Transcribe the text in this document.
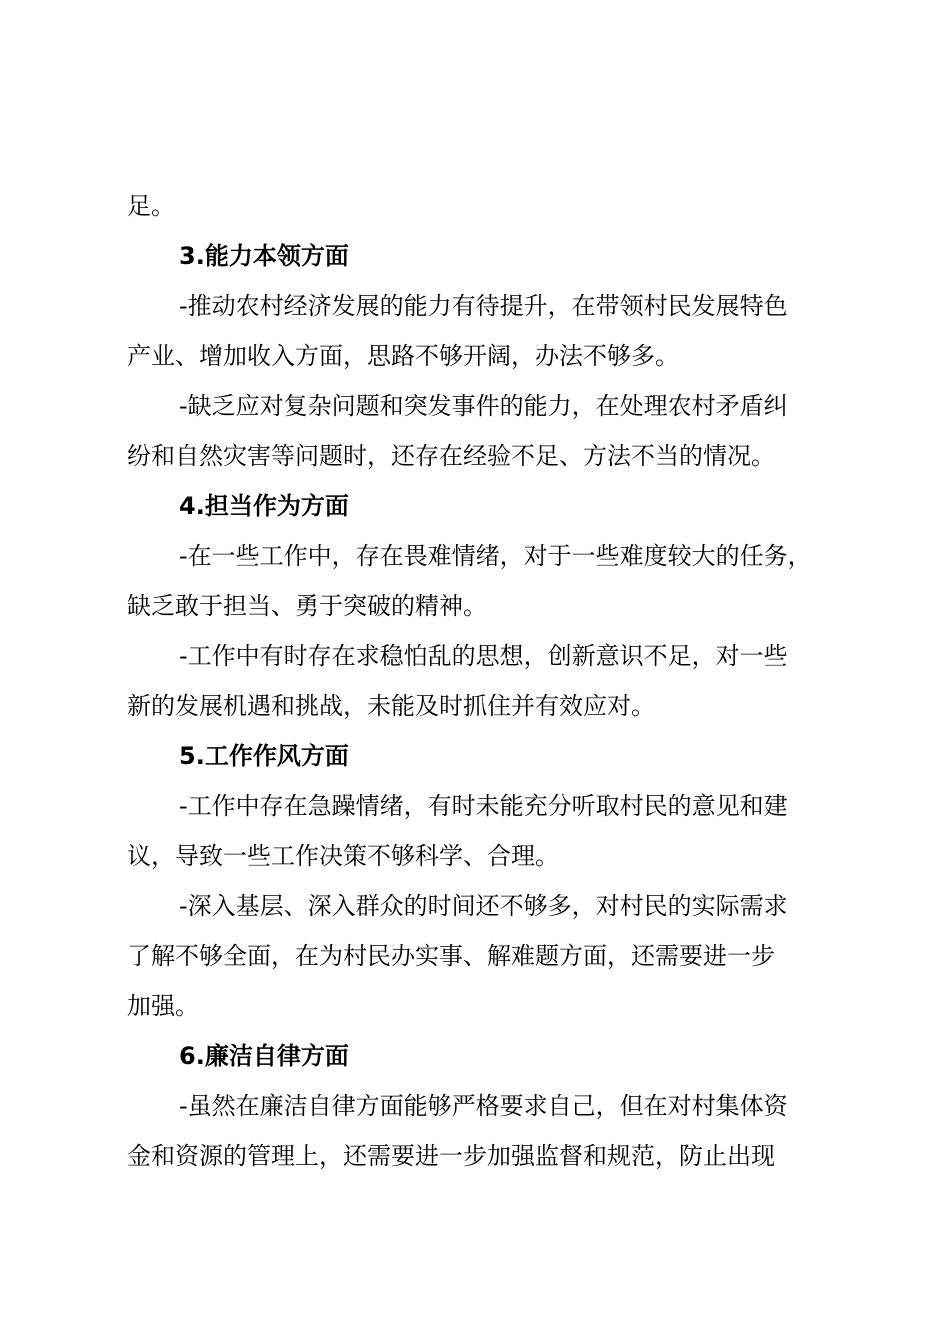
足。
3.能力本领方面
-推动农村经济发展的能力有待提升，在带领村民发展特色
产业、增加收入方面，思路不够开阔，办法不够多。
-缺乏应对复杂问题和突发事件的能力，在处理农村矛盾纠
纷和自然灾害等问题时，还存在经验不足、方法不当的情况。
4.担当作为方面
-在一些工作中，存在畏难情绪，对于一些难度较大的任务，
缺乏敢于担当、勇于突破的精神。
-工作中有时存在求稳怕乱的思想，创新意识不足，对一些
新的发展机遇和挑战，未能及时抓住并有效应对。
5.工作作风方面
-工作中存在急躁情绪，有时未能充分听取村民的意见和建
议，导致一些工作决策不够科学、合理。
-深入基层、深入群众的时间还不够多，对村民的实际需求
了解不够全面，在为村民办实事、解难题方面，还需要进一步
加强。
6.廉洁自律方面
-虽然在廉洁自律方面能够严格要求自己，但在对村集体资
金和资源的管理上，还需要进一步加强监督和规范，防止出现
